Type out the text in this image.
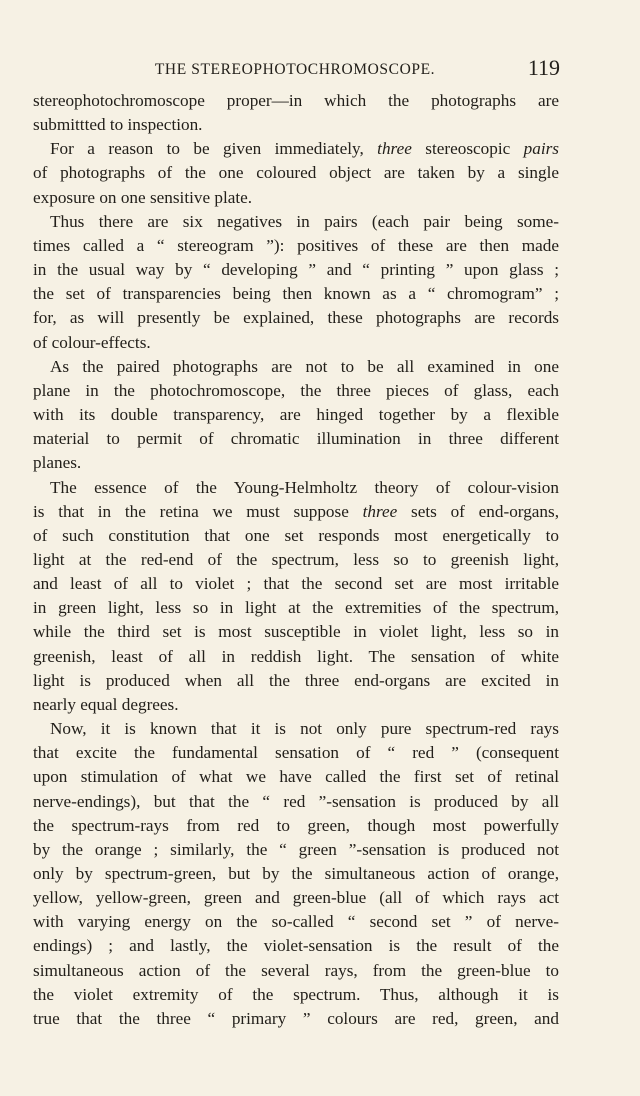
THE STEREOPHOTOCHROMOSCOPE.	119
stereophotochromoscope proper—in which the photographs are
submittted to inspection.
For a reason to be given immediately, three stereoscopic pairs
of photographs of the one coloured object are taken by a single
exposure on one sensitive plate.
Thus there are six negatives in pairs (each pair being some-
times called a “ stereogram ”): positives of these are then made
in the usual way by “ developing ” and “ printing ” upon glass ;
the set of transparencies being then known as a “ chromogram” ;
for, as will presently be explained, these photographs are records
of colour-effects.
As the paired photographs are not to be all examined in one
plane in the photochromoscope, the three pieces of glass, each
with its double transparency, are hinged together by a flexible
material to permit of chromatic illumination in three different
planes.
The essence of the Young-Helmholtz theory of colour-vision
is that in the retina we must suppose three sets of end-organs,
of such constitution that one set responds most energetically to
light at the red-end of the spectrum, less so to greenish light,
and least of all to violet ; that the second set are most irritable
in green light, less so in light at the extremities of the spectrum,
while the third set is most susceptible in violet light, less so in
greenish, least of all in reddish light. The sensation of white
light is produced when all the three end-organs are excited in
nearly equal degrees.
Now, it is known that it is not only pure spectrum-red rays
that excite the fundamental sensation of “ red ” (consequent
upon stimulation of what we have called the first set of retinal
nerve-endings), but that the “ red ”-sensation is produced by all
the spectrum-rays from red to green, though most powerfully
by the orange ; similarly, the “ green ”-sensation is produced not
only by spectrum-green, but by the simultaneous action of orange,
yellow, yellow-green, green and green-blue (all of which rays act
with varying energy on the so-called “ second set ” of nerve-
endings) ; and lastly, the violet-sensation is the result of the
simultaneous action of the several rays, from the green-blue to
the violet extremity of the spectrum. Thus, although it is
true that the three “ primary ” colours are red, green, and
